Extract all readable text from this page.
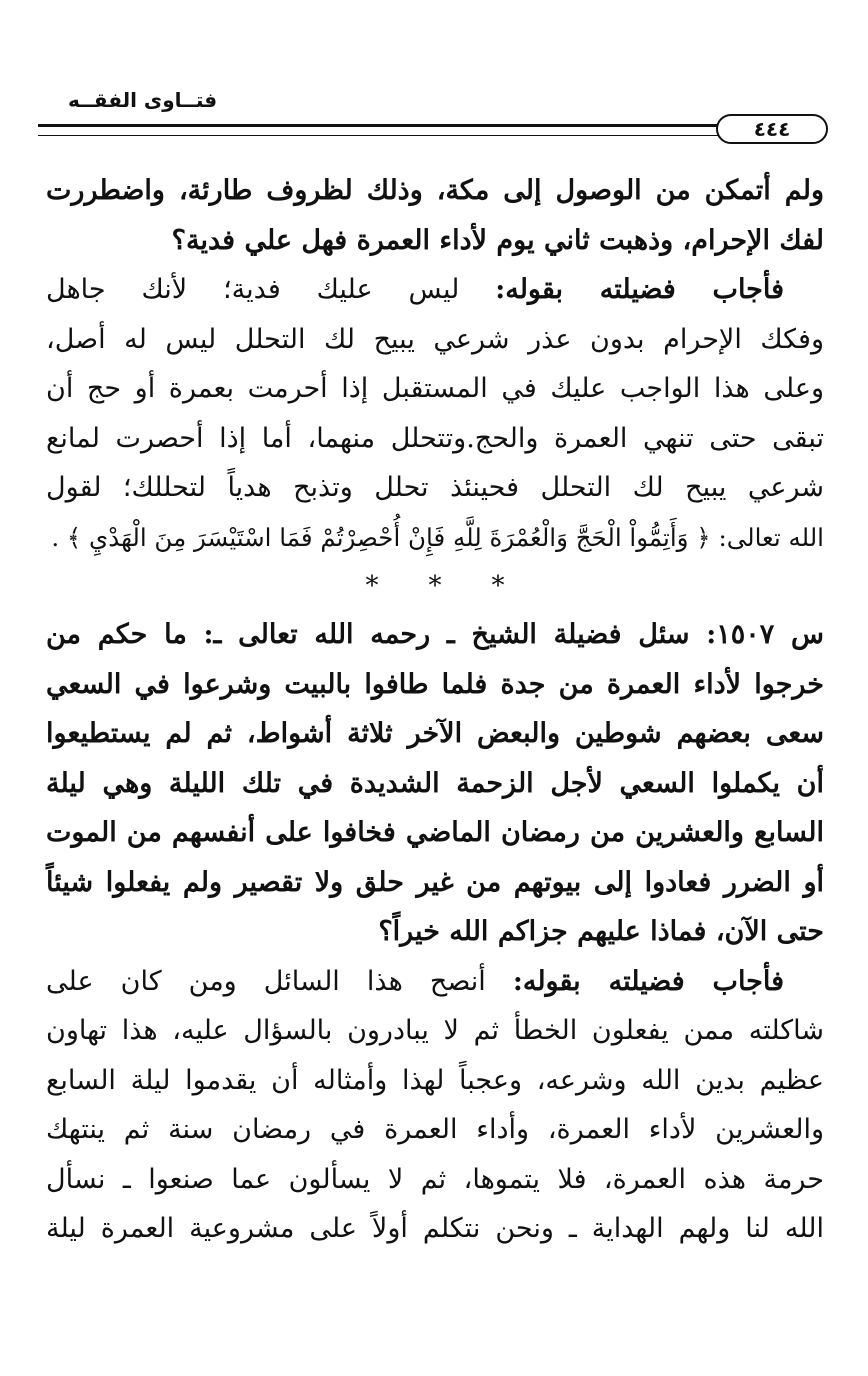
فتــاوى الفقــه
٤٤٤

ولم أتمكن من الوصول إلى مكة، وذلك لظروف طارئة، واضطررت
لفك الإحرام، وذهبت ثاني يوم لأداء العمرة فهل علي فدية؟

فأجاب فضيلته بقوله: ليس عليك فدية؛ لأنك جاهل
وفكك الإحرام بدون عذر شرعي يبيح لك التحلل ليس له أصل،
وعلى هذا الواجب عليك في المستقبل إذا أحرمت بعمرة أو حج أن
تبقى حتى تنهي العمرة والحج.وتتحلل منهما، أما إذا أحصرت لمانع
شرعي يبيح لك التحلل فحينئذ تحلل وتذبح هدياً لتحللك؛ لقول
الله تعالى: ﴿ وَأَتِمُّواْ الْحَجَّ وَالْعُمْرَةَ لِلَّهِ فَإِنْ أُحْصِرْتُمْ فَمَا اسْتَيْسَرَ مِنَ الْهَدْيِ ﴾ .

*
*
*

س ١٥٠٧: سئل فضيلة الشيخ ـ رحمه الله تعالى ـ: ما حكم من
خرجوا لأداء العمرة من جدة فلما طافوا بالبيت وشرعوا في السعي
سعى بعضهم شوطين والبعض الآخر ثلاثة أشواط، ثم لم يستطيعوا
أن يكملوا السعي لأجل الزحمة الشديدة في تلك الليلة وهي ليلة
السابع والعشرين من رمضان الماضي فخافوا على أنفسهم من الموت
أو الضرر فعادوا إلى بيوتهم من غير حلق ولا تقصير ولم يفعلوا شيئاً
حتى الآن، فماذا عليهم جزاكم الله خيراً؟

فأجاب فضيلته بقوله: أنصح هذا السائل ومن كان على
شاكلته ممن يفعلون الخطأ ثم لا يبادرون بالسؤال عليه، هذا تهاون
عظيم بدين الله وشرعه، وعجباً لهذا وأمثاله أن يقدموا ليلة السابع
والعشرين لأداء العمرة، وأداء العمرة في رمضان سنة ثم ينتهك
حرمة هذه العمرة، فلا يتموها، ثم لا يسألون عما صنعوا ـ نسأل
الله لنا ولهم الهداية ـ ونحن نتكلم أولاً على مشروعية العمرة ليلة
